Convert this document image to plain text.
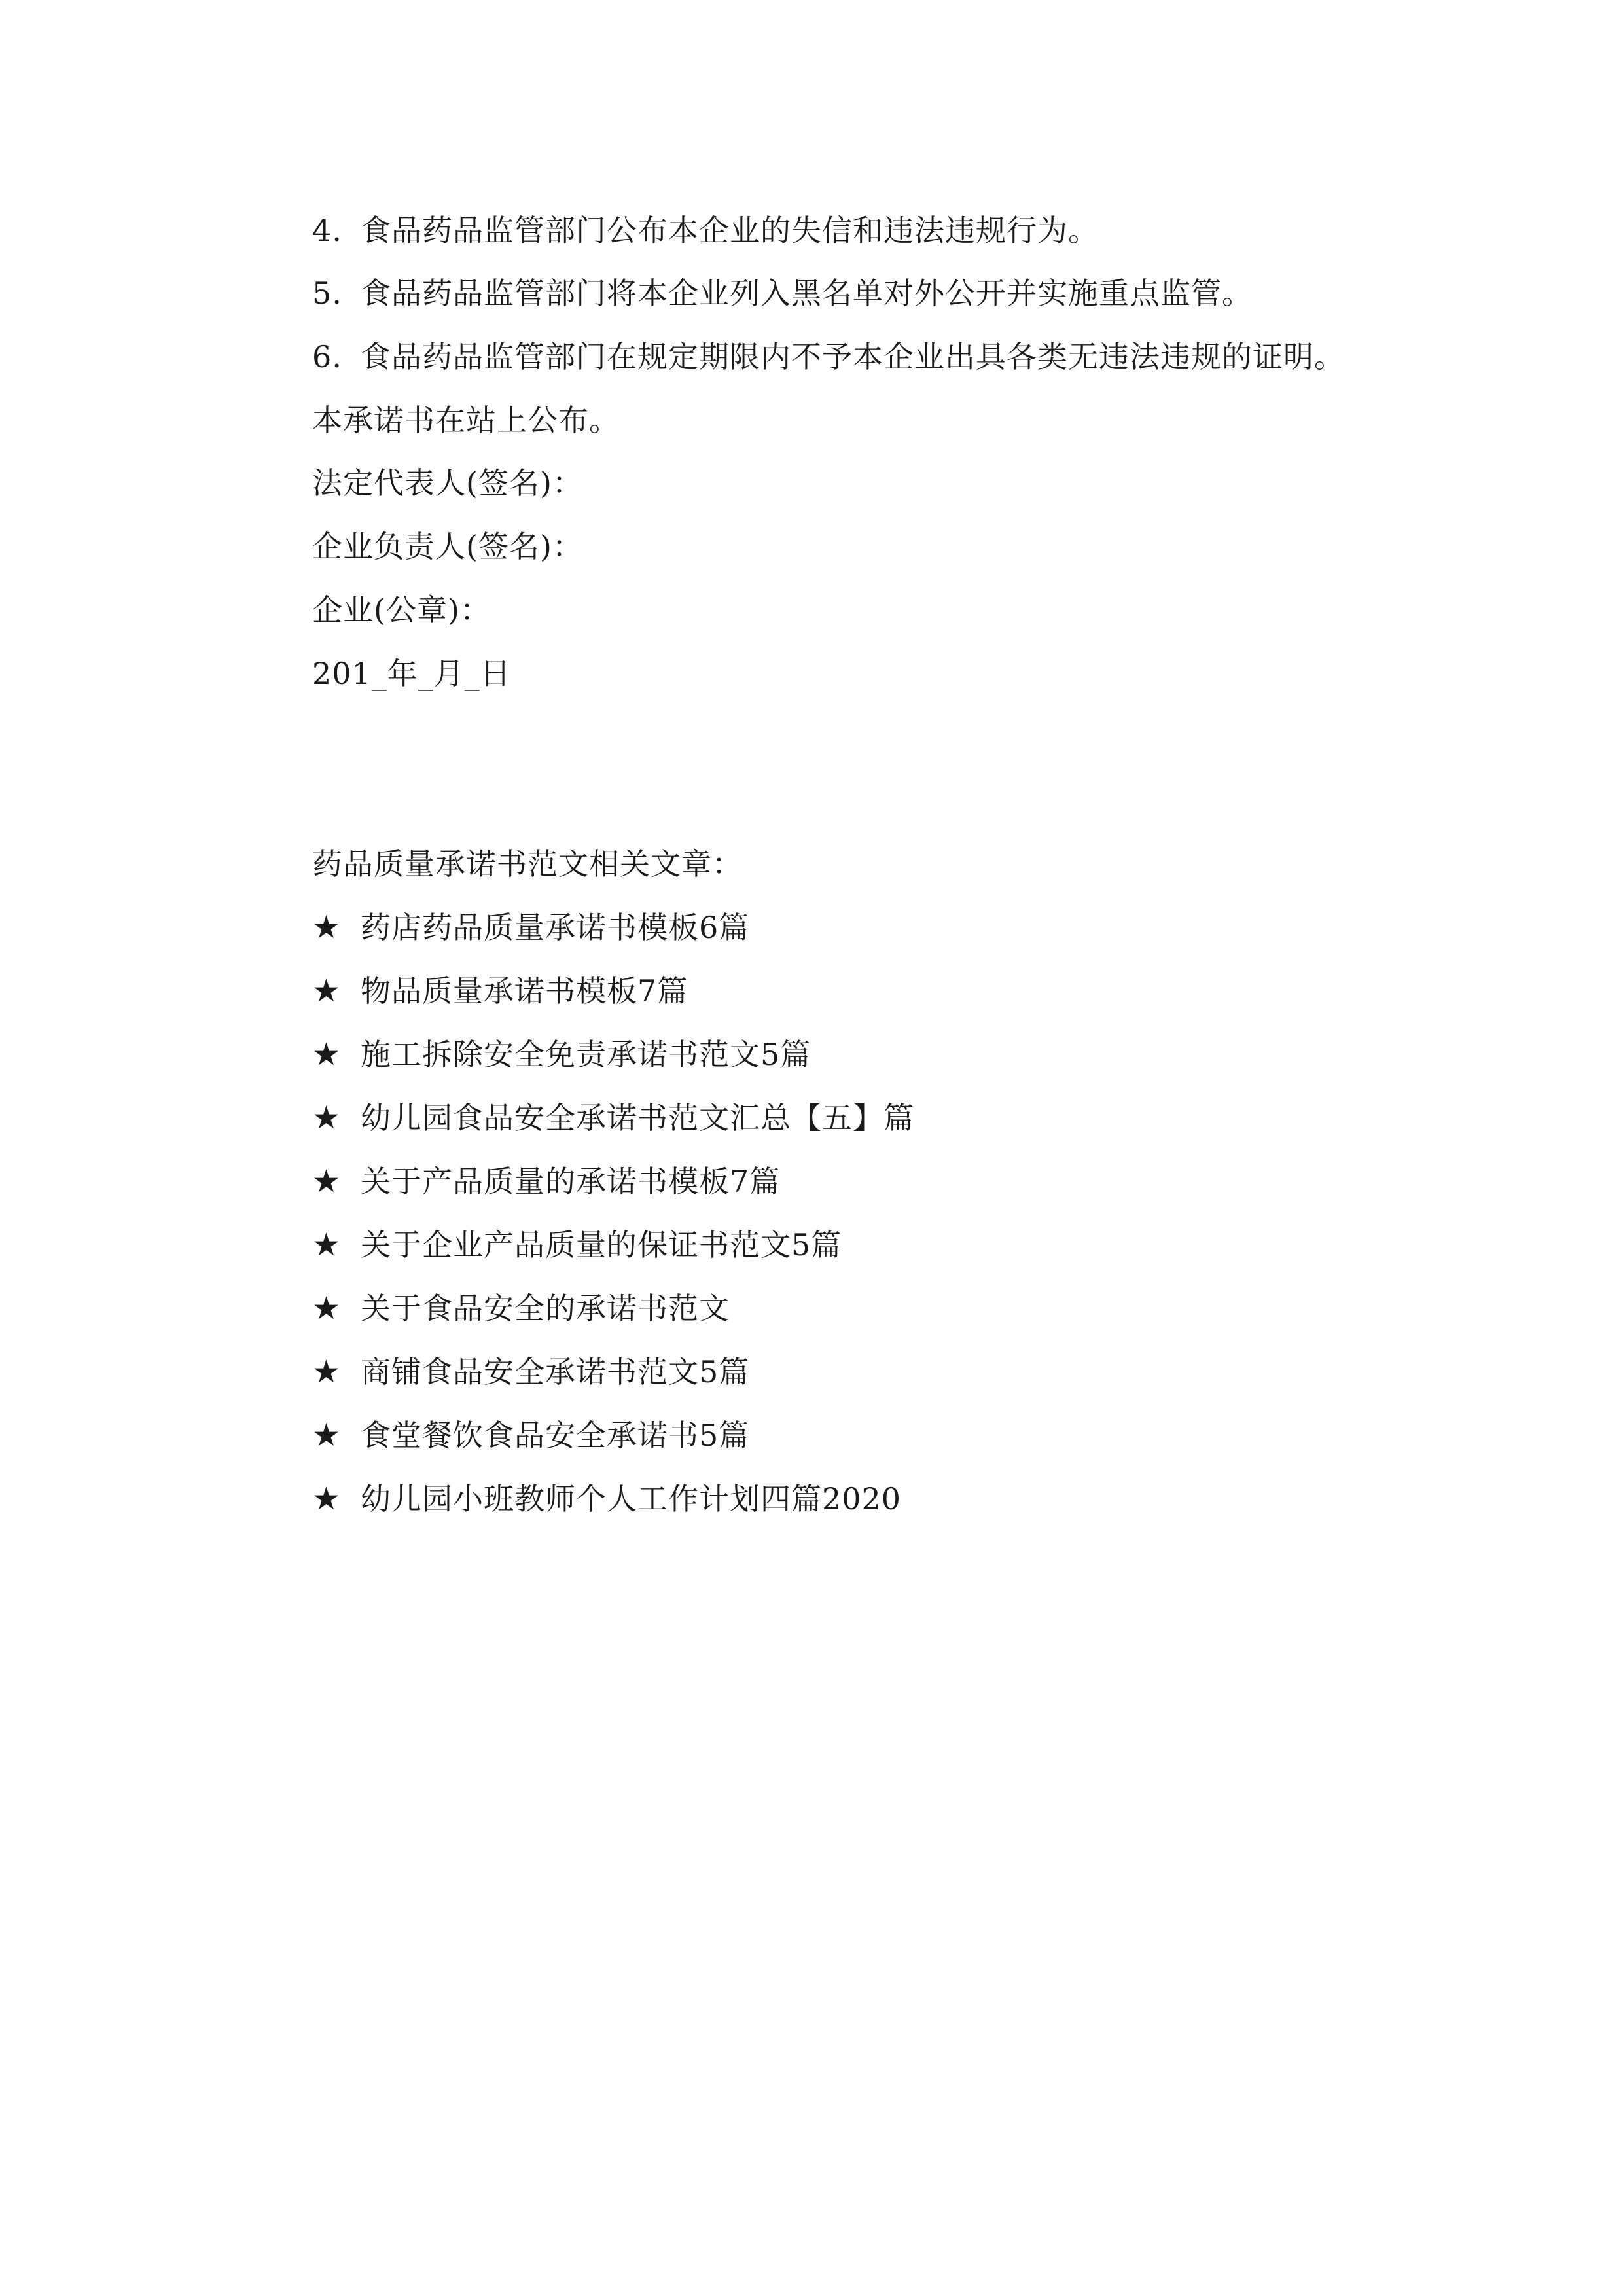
4. 食品药品监管部门公布本企业的失信和违法违规行为。
5. 食品药品监管部门将本企业列入黑名单对外公开并实施重点监管。
6. 食品药品监管部门在规定期限内不予本企业出具各类无违法违规的证明。
本承诺书在站上公布。
法定代表人(签名)：
企业负责人(签名)：
企业(公章)：
201_年_月_日
药品质量承诺书范文相关文章：
★ 药店药品质量承诺书模板6篇
★ 物品质量承诺书模板7篇
★ 施工拆除安全免责承诺书范文5篇
★ 幼儿园食品安全承诺书范文汇总【五】篇
★ 关于产品质量的承诺书模板7篇
★ 关于企业产品质量的保证书范文5篇
★ 关于食品安全的承诺书范文
★ 商铺食品安全承诺书范文5篇
★ 食堂餐饮食品安全承诺书5篇
★ 幼儿园小班教师个人工作计划四篇2020
